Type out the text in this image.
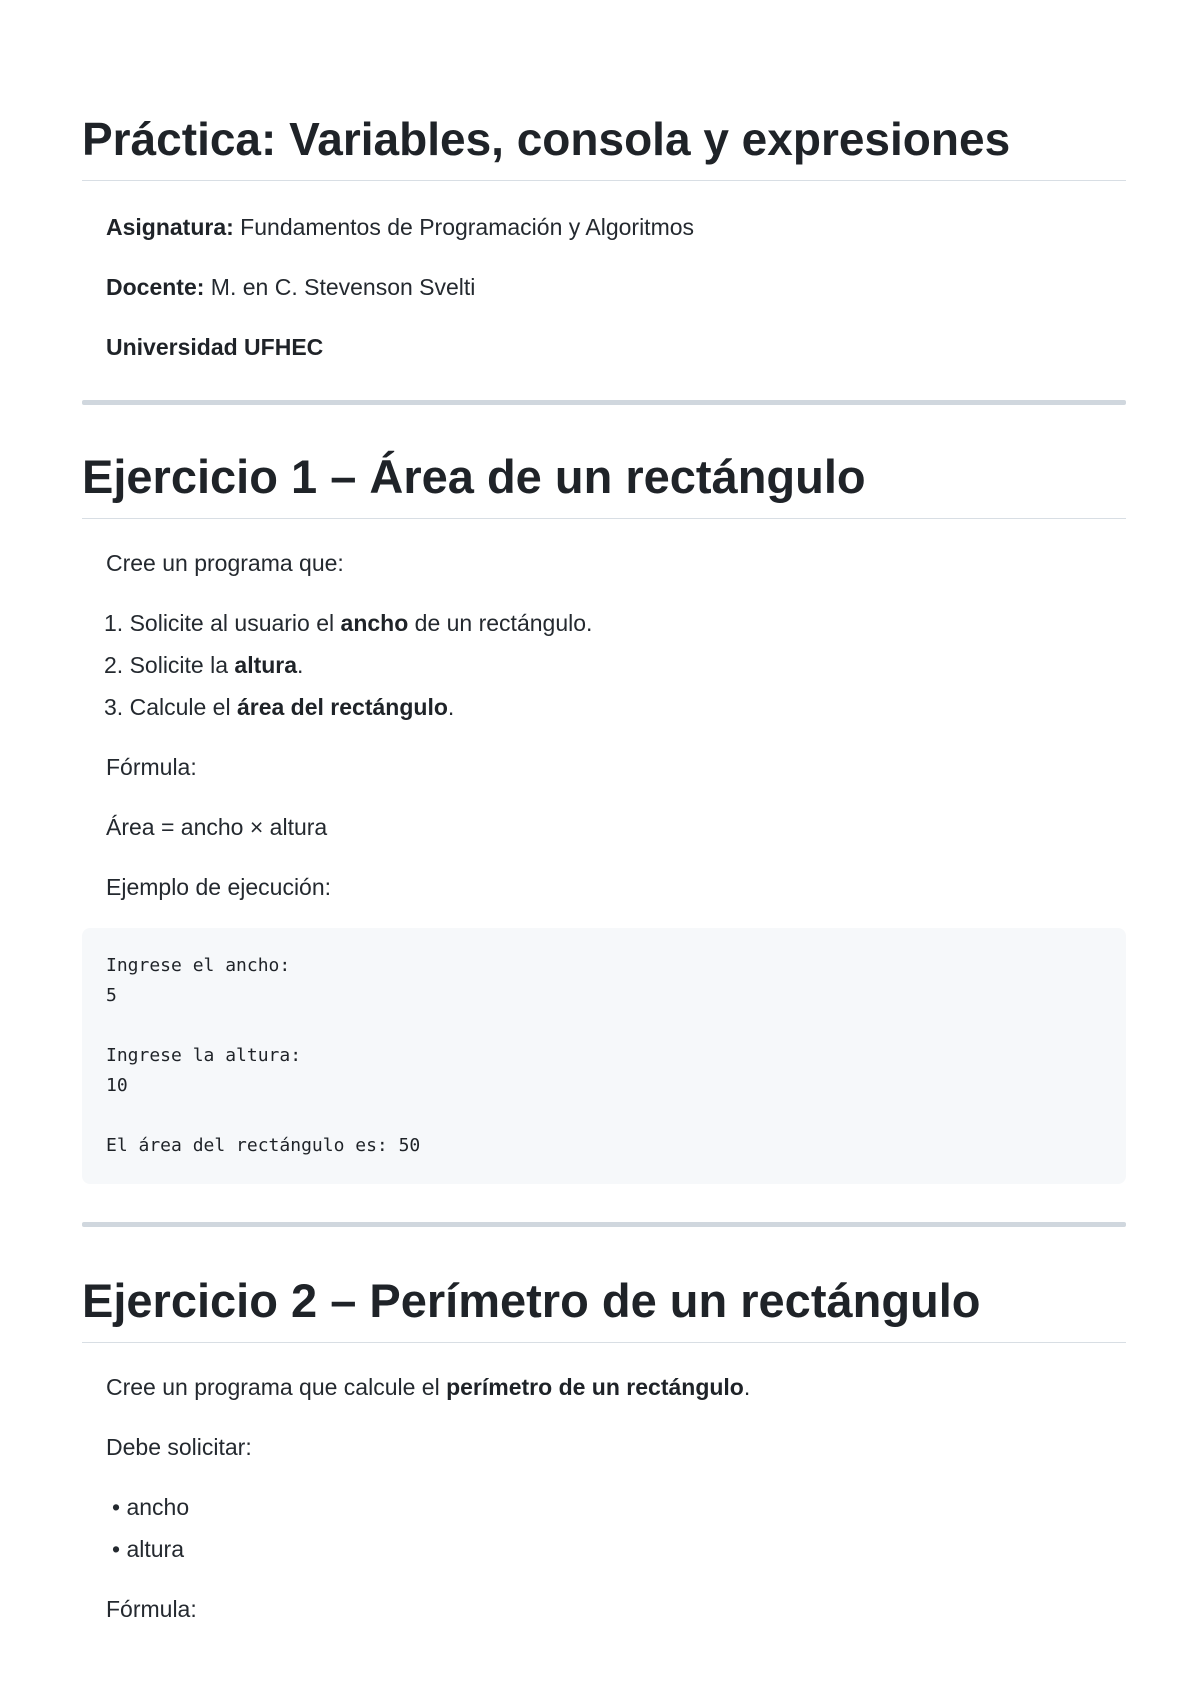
Práctica: Variables, consola y expresiones
Asignatura: Fundamentos de Programación y Algoritmos
Docente: M. en C. Stevenson Svelti
Universidad UFHEC
Ejercicio 1 – Área de un rectángulo
Cree un programa que:
1. Solicite al usuario el ancho de un rectángulo.
2. Solicite la altura.
3. Calcule el área del rectángulo.
Fórmula:
Área = ancho × altura
Ejemplo de ejecución:
Ingrese el ancho:
5
Ingrese la altura:
10
El área del rectángulo es: 50
Ejercicio 2 – Perímetro de un rectángulo
Cree un programa que calcule el perímetro de un rectángulo.
Debe solicitar:
• ancho
• altura
Fórmula:
